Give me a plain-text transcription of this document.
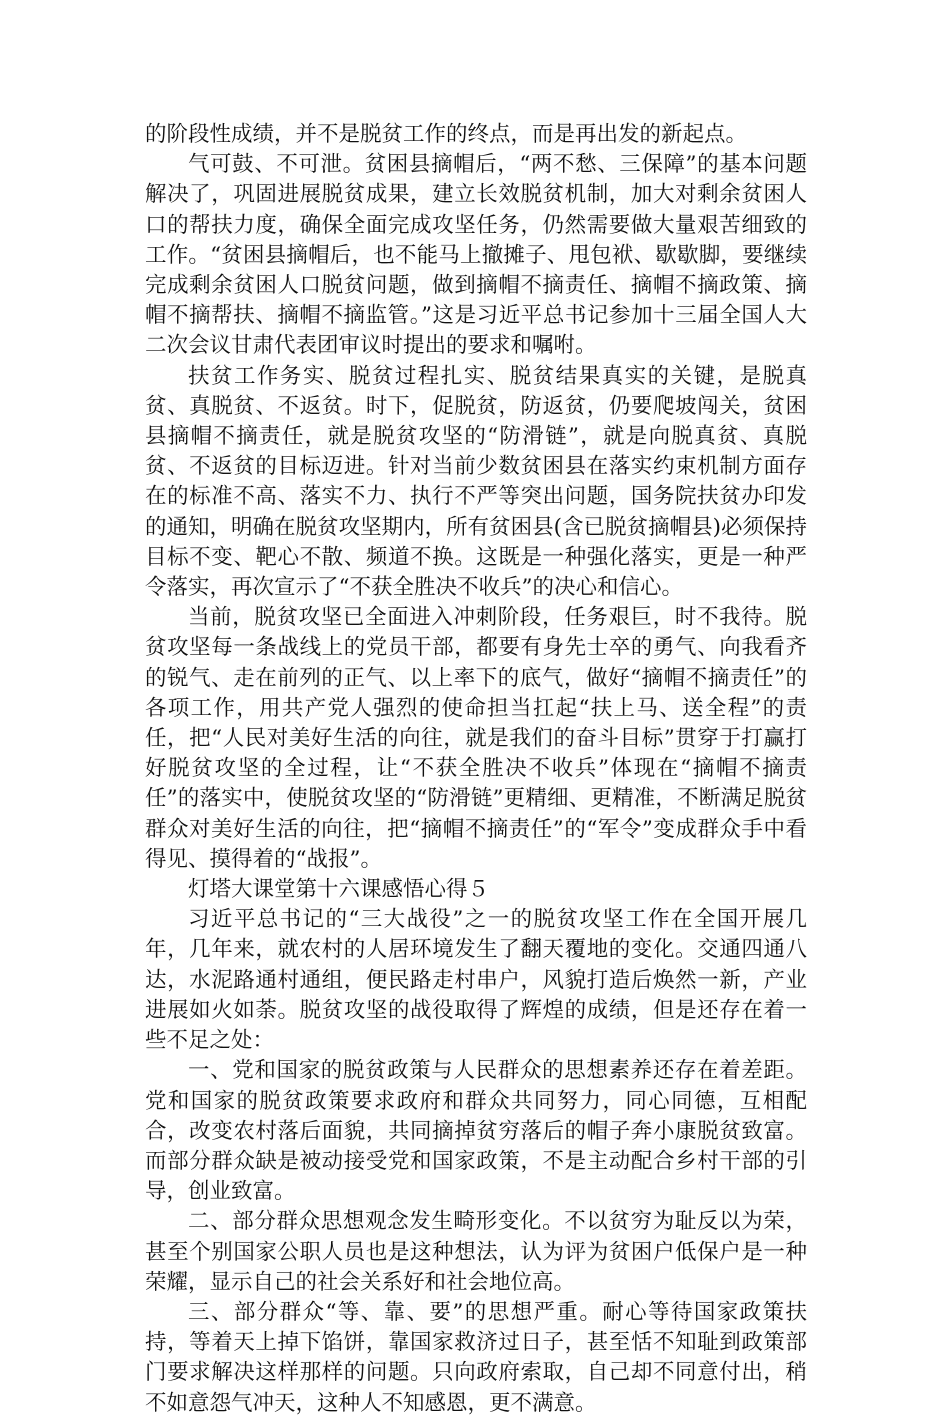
的阶段性成绩，并不是脱贫工作的终点，而是再出发的新起点。

气可鼓、不可泄。贫困县摘帽后，“两不愁、三保障”的基本问题解决了，巩固进展脱贫成果，建立长效脱贫机制，加大对剩余贫困人口的帮扶力度，确保全面完成攻坚任务，仍然需要做大量艰苦细致的工作。“贫困县摘帽后，也不能马上撤摊子、甩包袱、歇歇脚，要继续完成剩余贫困人口脱贫问题，做到摘帽不摘责任、摘帽不摘政策、摘帽不摘帮扶、摘帽不摘监管。”这是习近平总书记参加十三届全国人大二次会议甘肃代表团审议时提出的要求和嘱咐。

扶贫工作务实、脱贫过程扎实、脱贫结果真实的关键，是脱真贫、真脱贫、不返贫。时下，促脱贫，防返贫，仍要爬坡闯关，贫困县摘帽不摘责任，就是脱贫攻坚的“防滑链”，就是向脱真贫、真脱贫、不返贫的目标迈进。针对当前少数贫困县在落实约束机制方面存在的标准不高、落实不力、执行不严等突出问题，国务院扶贫办印发的通知，明确在脱贫攻坚期内，所有贫困县(含已脱贫摘帽县)必须保持目标不变、靶心不散、频道不换。这既是一种强化落实，更是一种严令落实，再次宣示了“不获全胜决不收兵”的决心和信心。

当前，脱贫攻坚已全面进入冲刺阶段，任务艰巨，时不我待。脱贫攻坚每一条战线上的党员干部，都要有身先士卒的勇气、向我看齐的锐气、走在前列的正气、以上率下的底气，做好“摘帽不摘责任”的各项工作，用共产党人强烈的使命担当扛起“扶上马、送全程”的责任，把“人民对美好生活的向往，就是我们的奋斗目标”贯穿于打赢打好脱贫攻坚的全过程，让“不获全胜决不收兵”体现在“摘帽不摘责任”的落实中，使脱贫攻坚的“防滑链”更精细、更精准，不断满足脱贫群众对美好生活的向往，把“摘帽不摘责任”的“军令”变成群众手中看得见、摸得着的“战报”。

灯塔大课堂第十六课感悟心得５

习近平总书记的“三大战役”之一的脱贫攻坚工作在全国开展几年，几年来，就农村的人居环境发生了翻天覆地的变化。交通四通八达，水泥路通村通组，便民路走村串户，风貌打造后焕然一新，产业进展如火如荼。脱贫攻坚的战役取得了辉煌的成绩，但是还存在着一些不足之处：

一、党和国家的脱贫政策与人民群众的思想素养还存在着差距。党和国家的脱贫政策要求政府和群众共同努力，同心同德，互相配合，改变农村落后面貌，共同摘掉贫穷落后的帽子奔小康脱贫致富。而部分群众缺是被动接受党和国家政策，不是主动配合乡村干部的引导，创业致富。

二、部分群众思想观念发生畸形变化。不以贫穷为耻反以为荣，甚至个别国家公职人员也是这种想法，认为评为贫困户低保户是一种荣耀，显示自己的社会关系好和社会地位高。

三、部分群众“等、靠、要”的思想严重。耐心等待国家政策扶持，等着天上掉下馅饼，靠国家救济过日子，甚至恬不知耻到政策部门要求解决这样那样的问题。只向政府索取，自己却不同意付出，稍不如意怨气冲天，这种人不知感恩，更不满意。
